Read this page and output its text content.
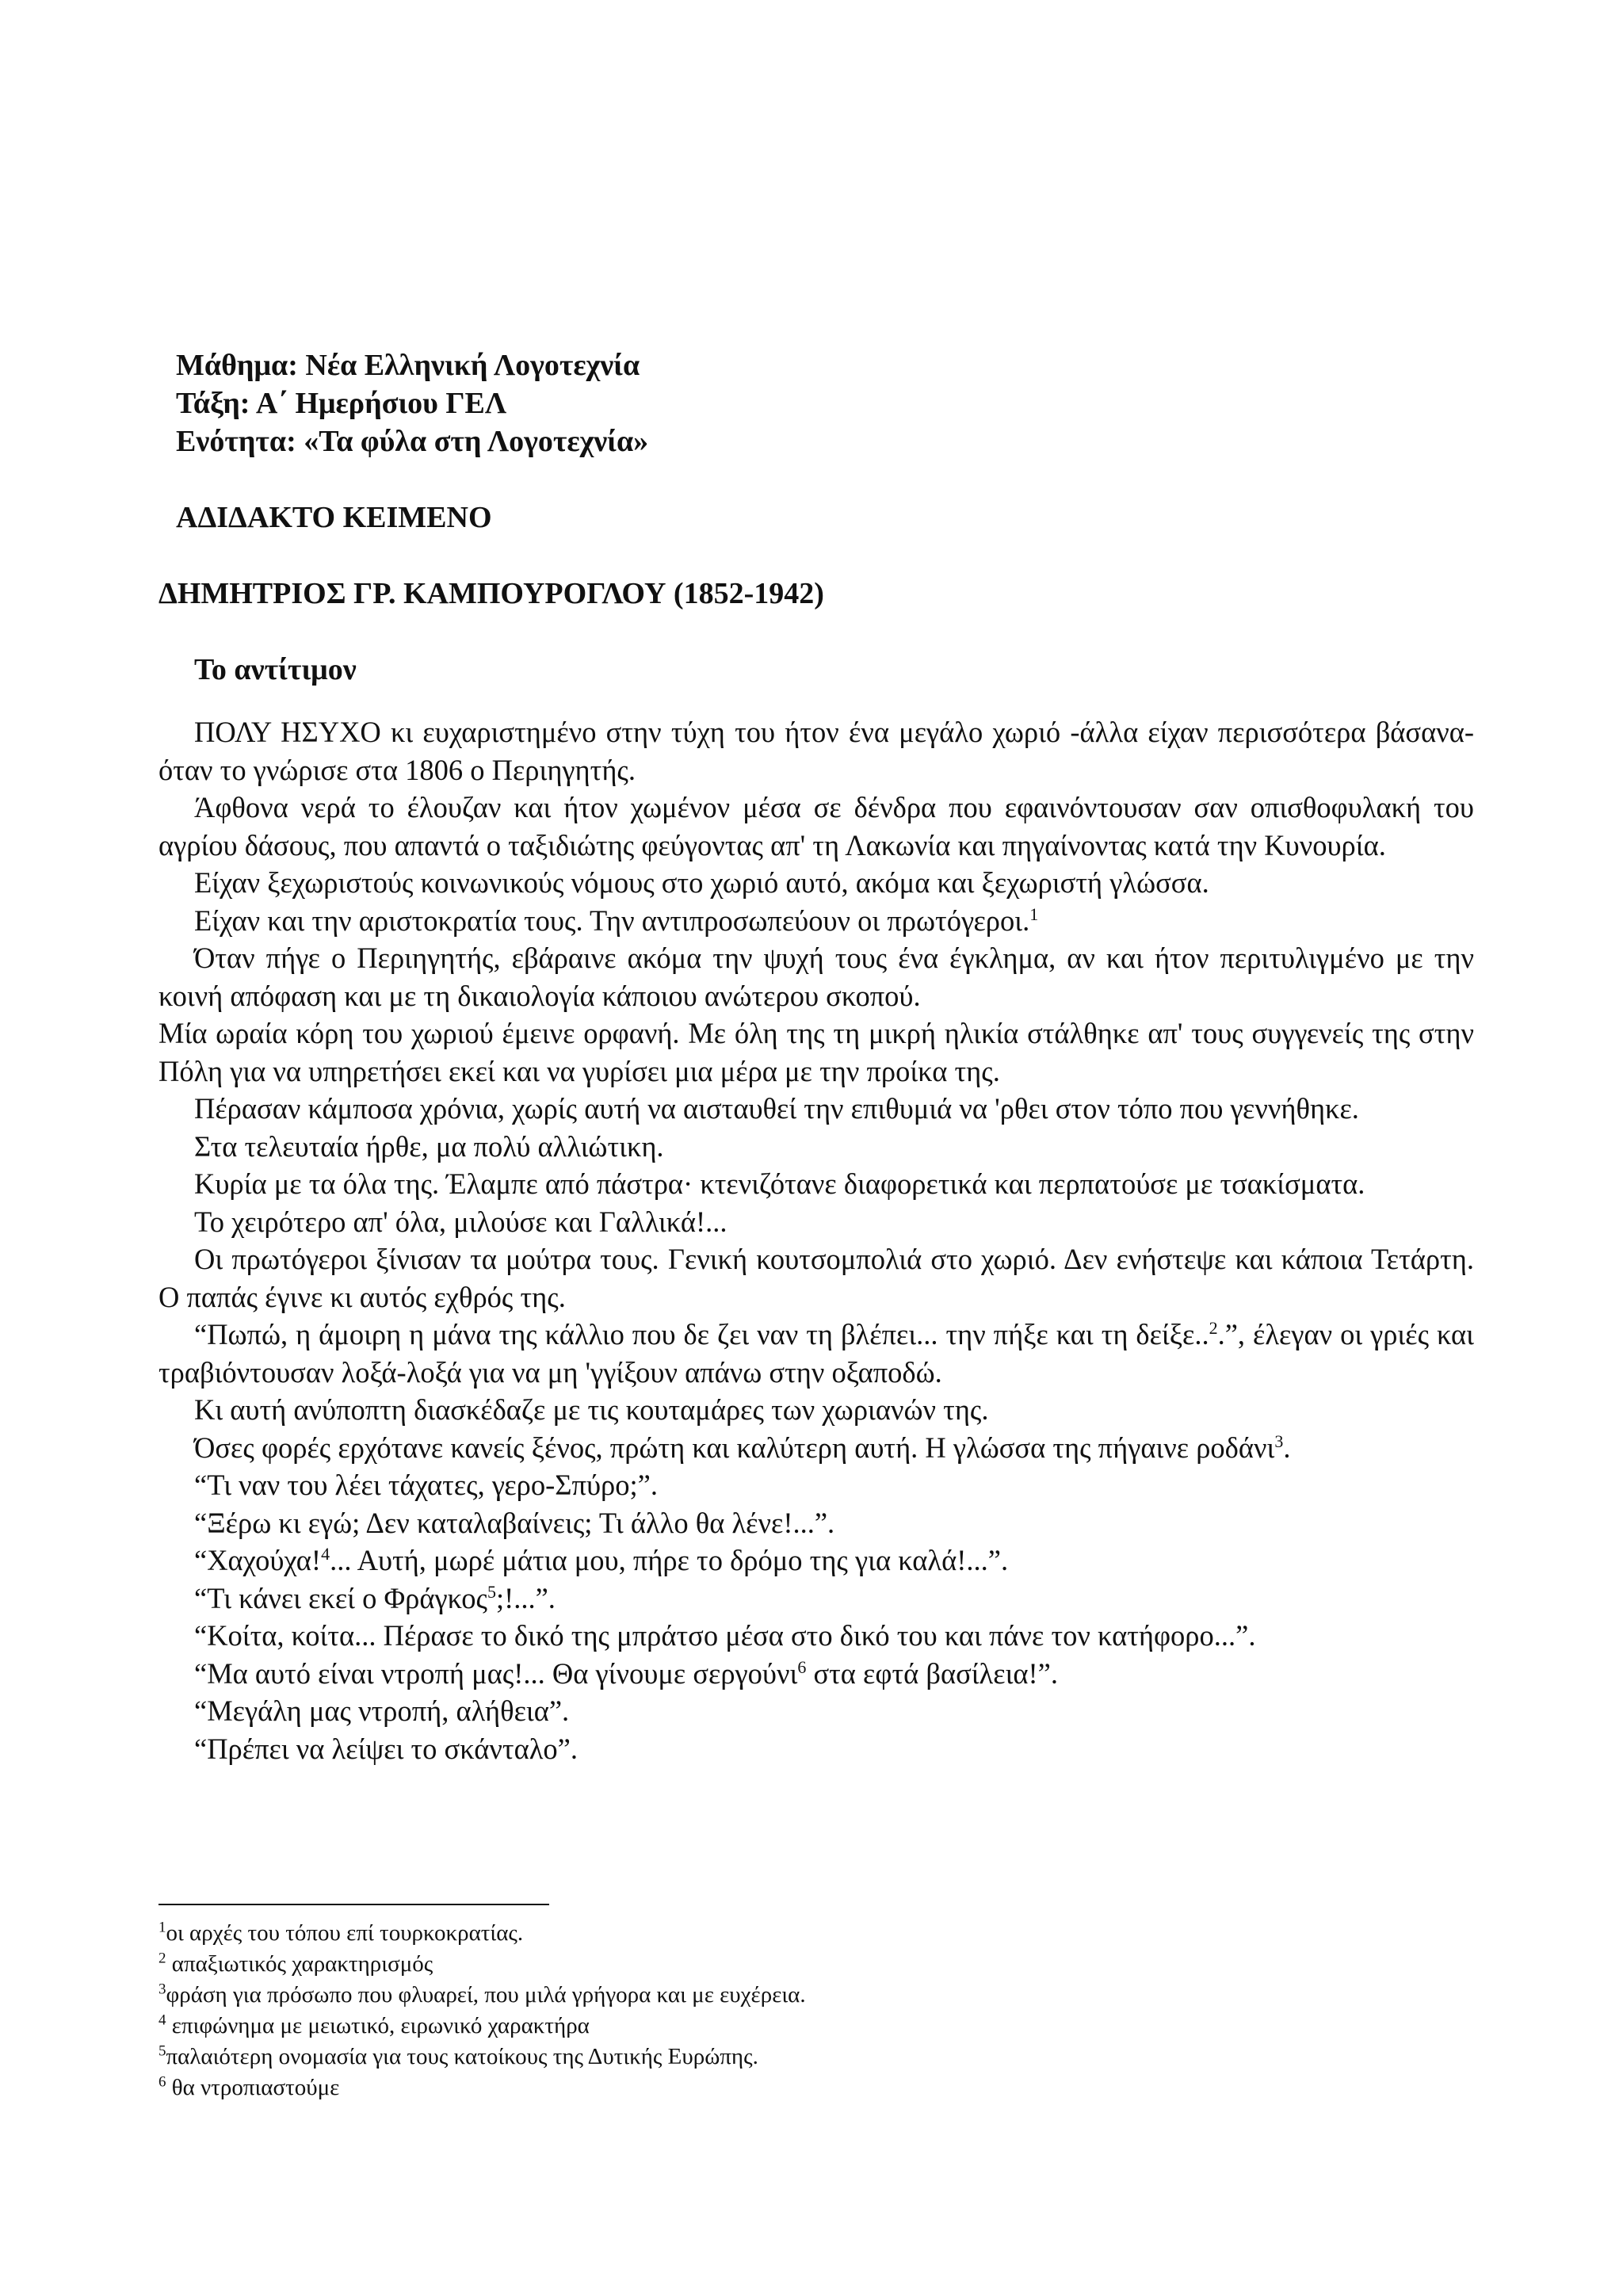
Μάθημα: Νέα Ελληνική Λογοτεχνία
Τάξη: Α΄ Ημερήσιου ΓΕΛ
Ενότητα: «Τα φύλα στη Λογοτεχνία»
ΑΔΙΔΑΚΤΟ ΚΕΙΜΕΝΟ
ΔΗΜΗΤΡΙΟΣ ΓΡ. ΚΑΜΠΟΥΡΟΓΛΟΥ (1852-1942)
Το αντίτιμον

ΠΟΛΥ ΗΣΥΧΟ κι ευχαριστημένο στην τύχη του ήτον ένα μεγάλο χωριό -άλλα είχαν περισσότερα βάσανα- όταν το γνώρισε στα 1806 ο Περιηγητής.

Άφθονα νερά το έλουζαν και ήτον χωμένον μέσα σε δένδρα που εφαινόντουσαν σαν οπισθοφυλακή του αγρίου δάσους, που απαντά ο ταξιδιώτης φεύγοντας απ' τη Λακωνία και πηγαίνοντας κατά την Κυνουρία.

Είχαν ξεχωριστούς κοινωνικούς νόμους στο χωριό αυτό, ακόμα και ξεχωριστή γλώσσα.

Είχαν και την αριστοκρατία τους. Την αντιπροσωπεύουν οι πρωτόγεροι.$^1$

Όταν πήγε ο Περιηγητής, εβάραινε ακόμα την ψυχή τους ένα έγκλημα, αν και ήτον περιτυλιγμένο με την κοινή απόφαση και με τη δικαιολογία κάποιου ανώτερου σκοπού.

Μία ωραία κόρη του χωριού έμεινε ορφανή. Με όλη της τη μικρή ηλικία στάλθηκε απ' τους συγγενείς της στην Πόλη για να υπηρετήσει εκεί και να γυρίσει μια μέρα με την προίκα της.

Πέρασαν κάμποσα χρόνια, χωρίς αυτή να αισταυθεί την επιθυμιά να 'ρθει στον τόπο που γεννήθηκε.

Στα τελευταία ήρθε, μα πολύ αλλιώτικη.

Κυρία με τα όλα της. Έλαμπε από πάστρα· κτενιζότανε διαφορετικά και περπατούσε με τσακίσματα.

Το χειρότερο απ' όλα, μιλούσε και Γαλλικά!...

Οι πρωτόγεροι ξίνισαν τα μούτρα τους. Γενική κουτσομπολιά στο χωριό. Δεν ενήστεψε και κάποια Τετάρτη. Ο παπάς έγινε κι αυτός εχθρός της.

“Πωπώ, η άμοιρη η μάνα της κάλλιο που δε ζει ναν τη βλέπει... την πήξε και τη δείξε..$^2$.”, έλεγαν οι γριές και τραβιόντουσαν λοξά-λοξά για να μη 'γγίξουν απάνω στην οξαποδώ.

Κι αυτή ανύποπτη διασκέδαζε με τις κουταμάρες των χωριανών της.

Όσες φορές ερχότανε κανείς ξένος, πρώτη και καλύτερη αυτή. Η γλώσσα της πήγαινε ροδάνι$^3$.

“Τι ναν του λέει τάχατες, γερο-Σπύρο;”.

“Ξέρω κι εγώ; Δεν καταλαβαίνεις; Τι άλλο θα λένε!...”.

“Χαχούχα!$^4$... Αυτή, μωρέ μάτια μου, πήρε το δρόμο της για καλά!...”.

“Τι κάνει εκεί ο Φράγκος$^5$;!...”.

“Κοίτα, κοίτα... Πέρασε το δικό της μπράτσο μέσα στο δικό του και πάνε τον κατήφορο...”.

“Μα αυτό είναι ντροπή μας!... Θα γίνουμε σεργούνι$^6$ στα εφτά βασίλεια!”.

“Μεγάλη μας ντροπή, αλήθεια”.

“Πρέπει να λείψει το σκάνταλο”.

$^1$οι αρχές του τόπου επί τουρκοκρατίας.

$^2$ απαξιωτικός χαρακτηρισμός

$^3$φράση για πρόσωπο που φλυαρεί, που μιλά γρήγορα και με ευχέρεια.

$^4$ επιφώνημα με μειωτικό, ειρωνικό χαρακτήρα

$^5$παλαιότερη ονομασία για τους κατοίκους της Δυτικής Ευρώπης.

$^6$ θα ντροπιαστούμε
